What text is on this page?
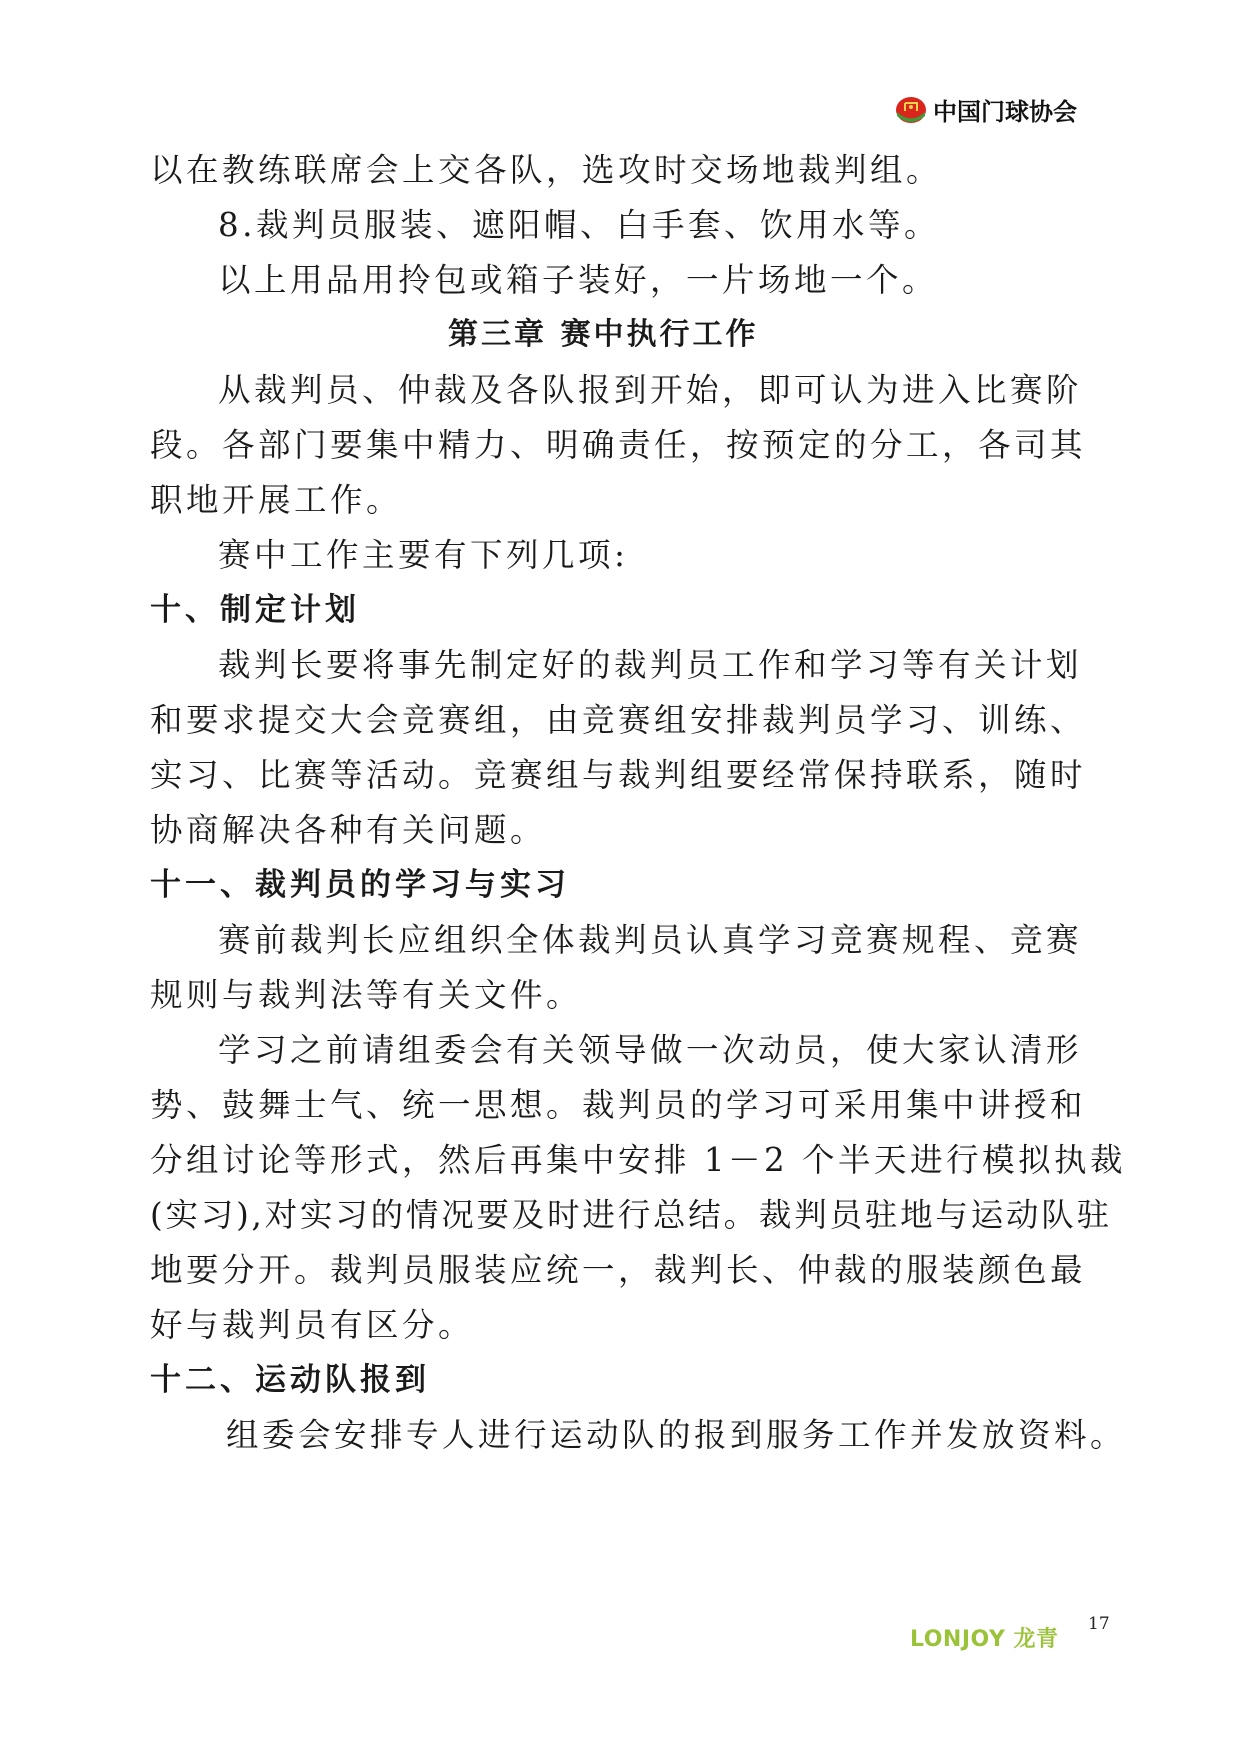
中国门球协会
以在教练联席会上交各队，选攻时交场地裁判组。
8.裁判员服装、遮阳帽、白手套、饮用水等。
以上用品用拎包或箱子装好，一片场地一个。
第三章 赛中执行工作
从裁判员、仲裁及各队报到开始，即可认为进入比赛阶
段。各部门要集中精力、明确责任，按预定的分工，各司其
职地开展工作。
赛中工作主要有下列几项:
十、制定计划
裁判长要将事先制定好的裁判员工作和学习等有关计划
和要求提交大会竞赛组，由竞赛组安排裁判员学习、训练、
实习、比赛等活动。竞赛组与裁判组要经常保持联系，随时
协商解决各种有关问题。
十一、裁判员的学习与实习
赛前裁判长应组织全体裁判员认真学习竞赛规程、竞赛
规则与裁判法等有关文件。
学习之前请组委会有关领导做一次动员，使大家认清形
势、鼓舞士气、统一思想。裁判员的学习可采用集中讲授和
分组讨论等形式，然后再集中安排 1－2 个半天进行模拟执裁
(实习),对实习的情况要及时进行总结。裁判员驻地与运动队驻
地要分开。裁判员服装应统一，裁判长、仲裁的服装颜色最
好与裁判员有区分。
十二、运动队报到
组委会安排专人进行运动队的报到服务工作并发放资料。
17
LONJOY 龙青
